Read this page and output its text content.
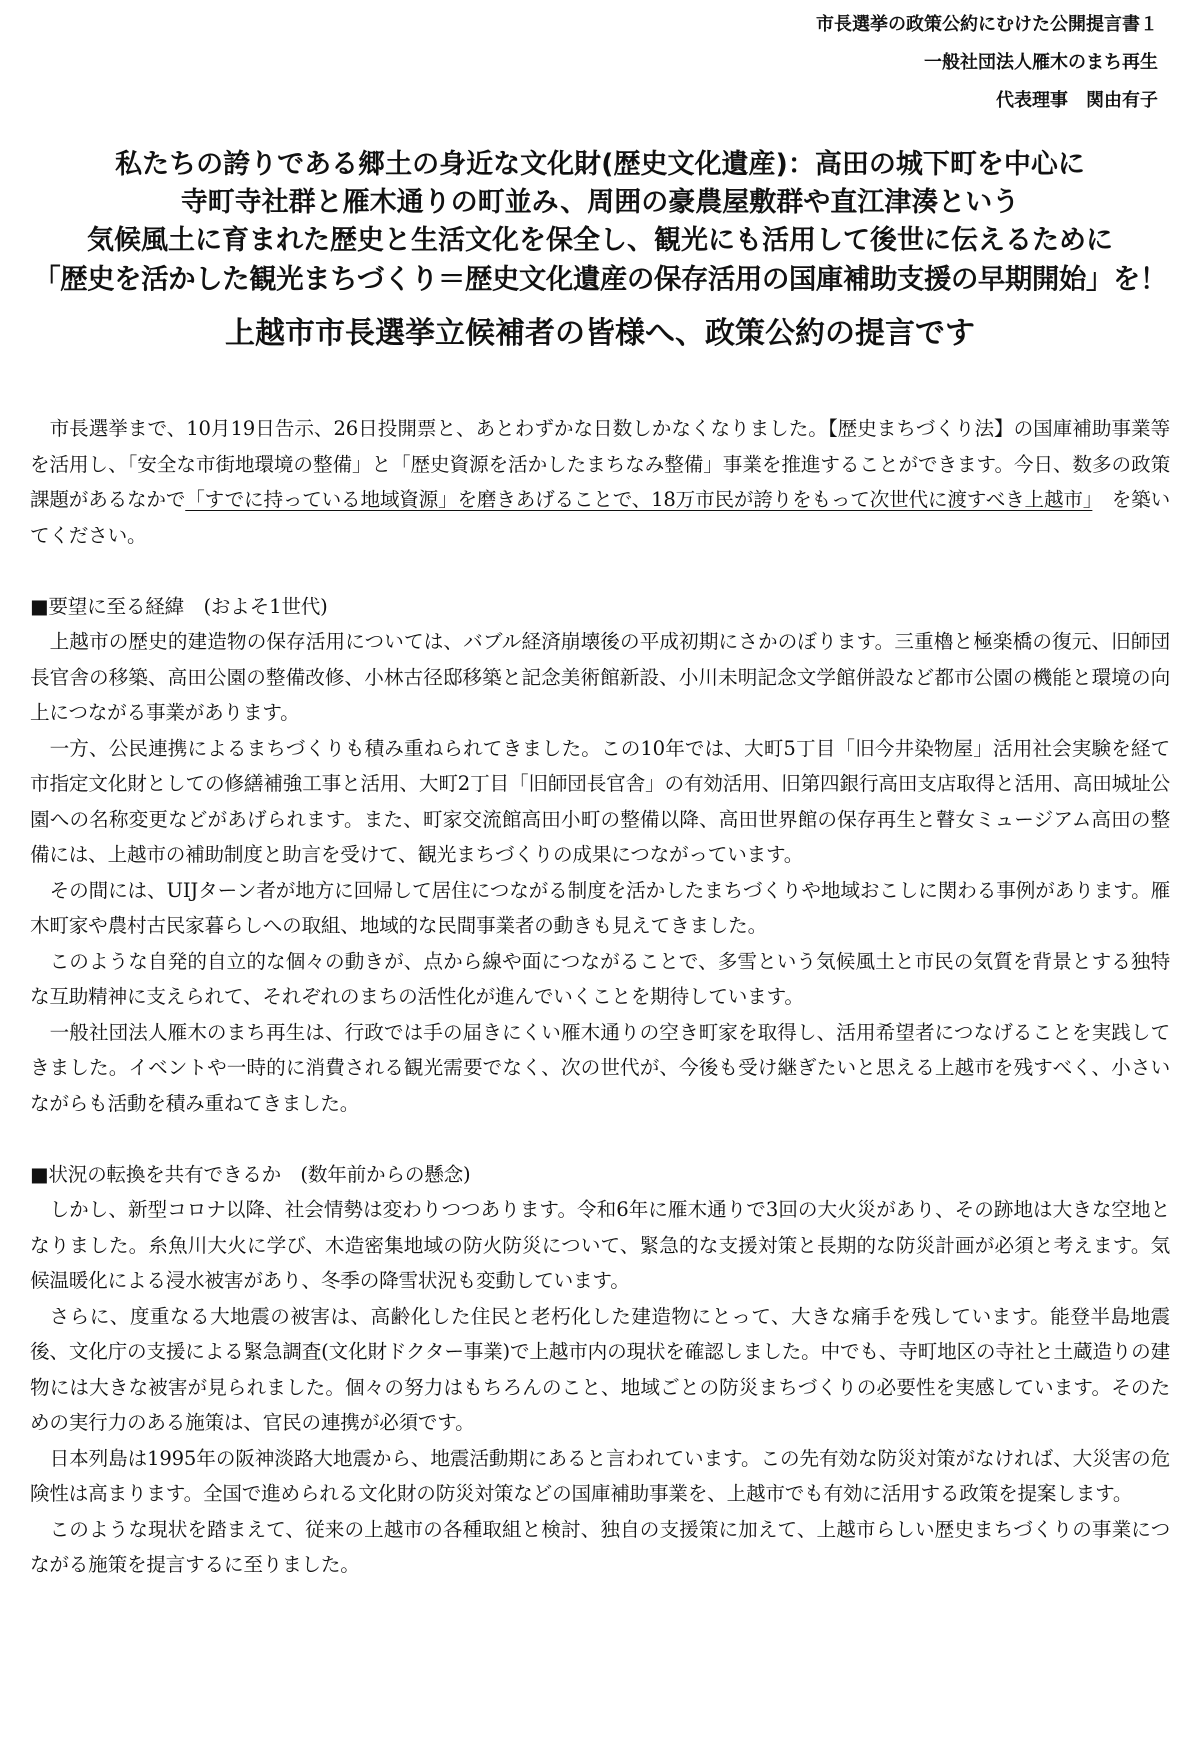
市長選挙の政策公約にむけた公開提言書１
一般社団法人雁木のまち再生
代表理事　関由有子
私たちの誇りである郷土の身近な文化財(歴史文化遺産)：高田の城下町を中心に
寺町寺社群と雁木通りの町並み、周囲の豪農屋敷群や直江津湊という
気候風土に育まれた歴史と生活文化を保全し、観光にも活用して後世に伝えるために
「歴史を活かした観光まちづくり＝歴史文化遺産の保存活用の国庫補助支援の早期開始」を！
上越市市長選挙立候補者の皆様へ、政策公約の提言です

市長選挙まで、10月19日告示、26日投開票と、あとわずかな日数しかなくなりました。【歴史まちづくり法】の国庫補助事業等を活用し、「安全な市街地環境の整備」と「歴史資源を活かしたまちなみ整備」事業を推進することができます。今日、数多の政策課題があるなかで「すでに持っている地域資源」を磨きあげることで、18万市民が誇りをもって次世代に渡すべき上越市」　 を築いてください。

■要望に至る経緯　(およそ1世代)

上越市の歴史的建造物の保存活用については、バブル経済崩壊後の平成初期にさかのぼります。三重櫓と極楽橋の復元、旧師団長官舎の移築、高田公園の整備改修、小林古径邸移築と記念美術館新設、小川未明記念文学館併設など都市公園の機能と環境の向上につながる事業があります。

一方、公民連携によるまちづくりも積み重ねられてきました。この10年では、大町5丁目「旧今井染物屋」活用社会実験を経て市指定文化財としての修繕補強工事と活用、大町2丁目「旧師団長官舎」の有効活用、旧第四銀行高田支店取得と活用、高田城址公園への名称変更などがあげられます。また、町家交流館高田小町の整備以降、高田世界館の保存再生と瞽女ミュージアム高田の整備には、上越市の補助制度と助言を受けて、観光まちづくりの成果につながっています。

その間には、UIJターン者が地方に回帰して居住につながる制度を活かしたまちづくりや地域おこしに関わる事例があります。雁木町家や農村古民家暮らしへの取組、地域的な民間事業者の動きも見えてきました。

このような自発的自立的な個々の動きが、点から線や面につながることで、多雪という気候風土と市民の気質を背景とする独特な互助精神に支えられて、それぞれのまちの活性化が進んでいくことを期待しています。

一般社団法人雁木のまち再生は、行政では手の届きにくい雁木通りの空き町家を取得し、活用希望者につなげることを実践してきました。イベントや一時的に消費される観光需要でなく、次の世代が、今後も受け継ぎたいと思える上越市を残すべく、小さいながらも活動を積み重ねてきました。

■状況の転換を共有できるか　(数年前からの懸念)

しかし、新型コロナ以降、社会情勢は変わりつつあります。令和6年に雁木通りで3回の大火災があり、その跡地は大きな空地となりました。糸魚川大火に学び、木造密集地域の防火防災について、緊急的な支援対策と長期的な防災計画が必須と考えます。気候温暖化による浸水被害があり、冬季の降雪状況も変動しています。

さらに、度重なる大地震の被害は、高齢化した住民と老朽化した建造物にとって、大きな痛手を残しています。能登半島地震後、文化庁の支援による緊急調査(文化財ドクター事業)で上越市内の現状を確認しました。中でも、寺町地区の寺社と土蔵造りの建物には大きな被害が見られました。個々の努力はもちろんのこと、地域ごとの防災まちづくりの必要性を実感しています。そのための実行力のある施策は、官民の連携が必須です。

日本列島は1995年の阪神淡路大地震から、地震活動期にあると言われています。この先有効な防災対策がなければ、大災害の危険性は高まります。全国で進められる文化財の防災対策などの国庫補助事業を、上越市でも有効に活用する政策を提案します。

このような現状を踏まえて、従来の上越市の各種取組と検討、独自の支援策に加えて、上越市らしい歴史まちづくりの事業につながる施策を提言するに至りました。
